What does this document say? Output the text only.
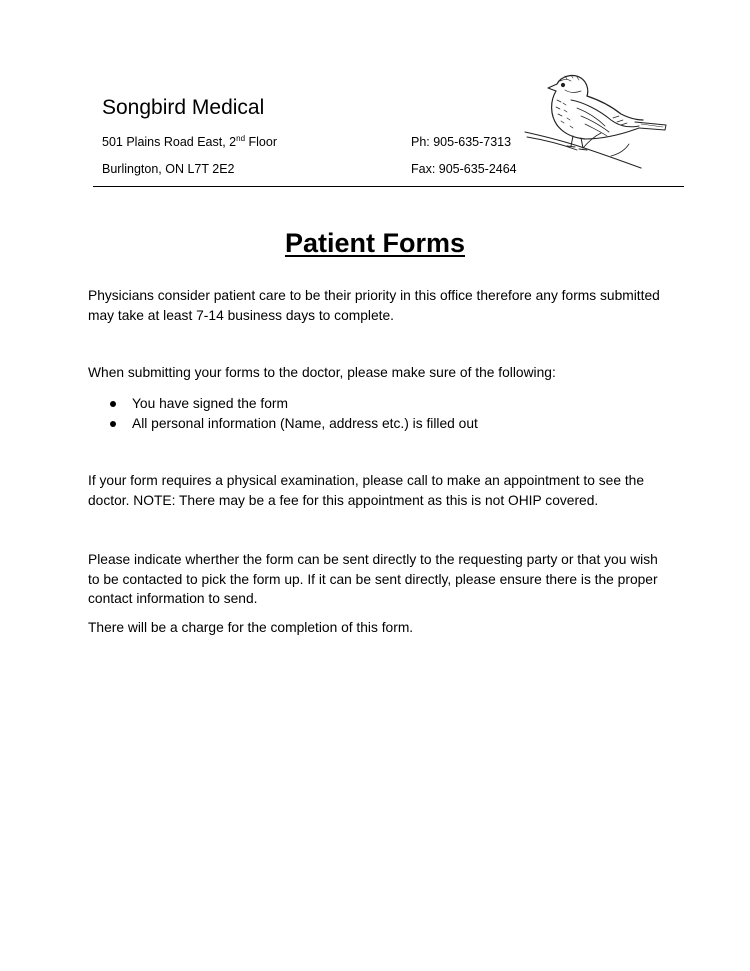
Songbird Medical
501 Plains Road East, 2nd Floor
Burlington, ON L7T 2E2
Ph: 905-635-7313
Fax: 905-635-2464
Patient Forms

Physicians consider patient care to be their priority in this office therefore any forms submitted may take at least 7-14 business days to complete.

When submitting your forms to the doctor, please make sure of the following:

You have signed the form
All personal information (Name, address etc.) is filled out

If your form requires a physical examination, please call to make an appointment to see the doctor. NOTE: There may be a fee for this appointment as this is not OHIP covered.

Please indicate wherther the form can be sent directly to the requesting party or that you wish to be contacted to pick the form up. If it can be sent directly, please ensure there is the proper contact information to send.

There will be a charge for the completion of this form.
